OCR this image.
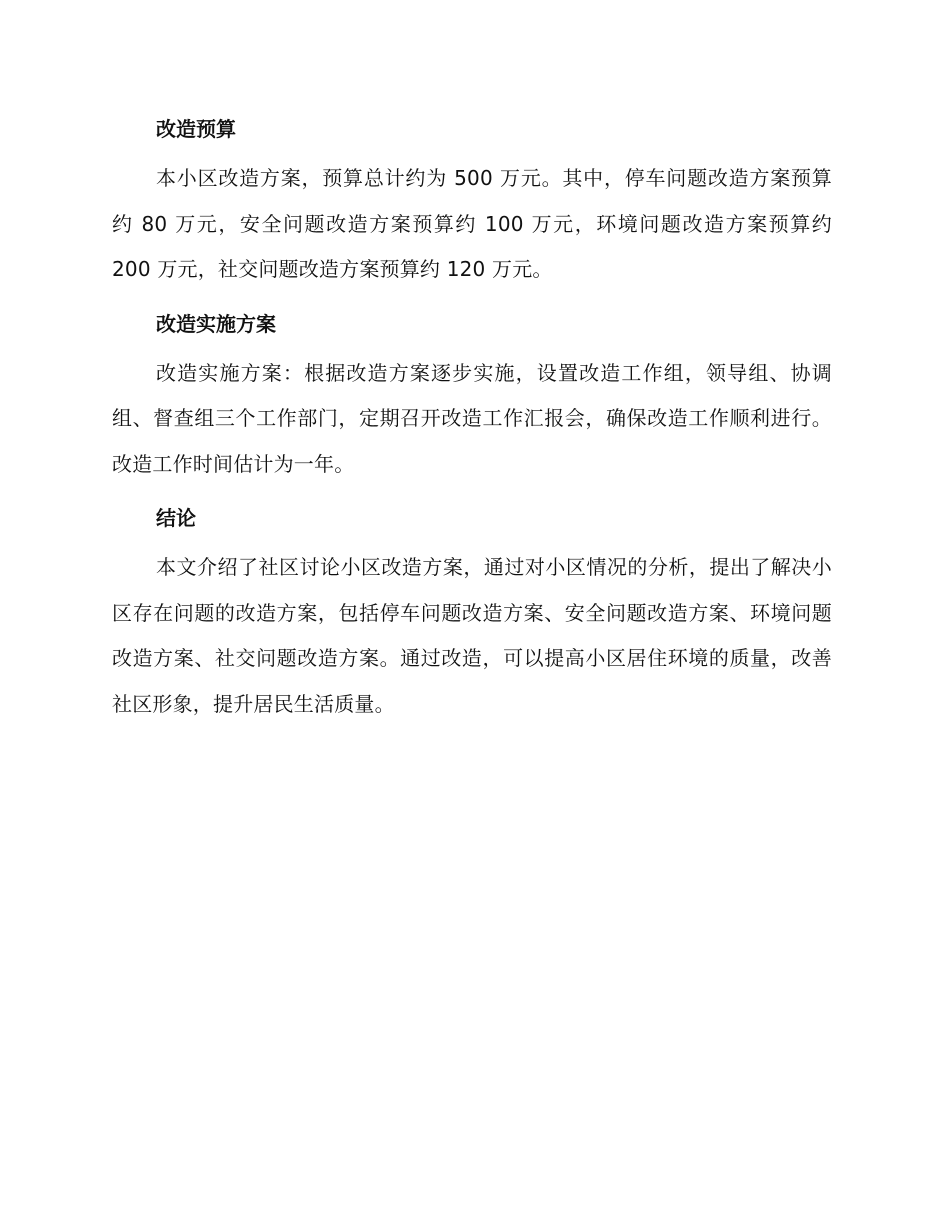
改造预算

本小区改造方案，预算总计约为 500 万元。其中，停车问题改造方案预算约 80 万元，安全问题改造方案预算约 100 万元，环境问题改造方案预算约 200 万元，社交问题改造方案预算约 120 万元。

改造实施方案

改造实施方案：根据改造方案逐步实施，设置改造工作组，领导组、协调组、督查组三个工作部门，定期召开改造工作汇报会，确保改造工作顺利进行。改造工作时间估计为一年。

结论

本文介绍了社区讨论小区改造方案，通过对小区情况的分析，提出了解决小区存在问题的改造方案，包括停车问题改造方案、安全问题改造方案、环境问题改造方案、社交问题改造方案。通过改造，可以提高小区居住环境的质量，改善社区形象，提升居民生活质量。
